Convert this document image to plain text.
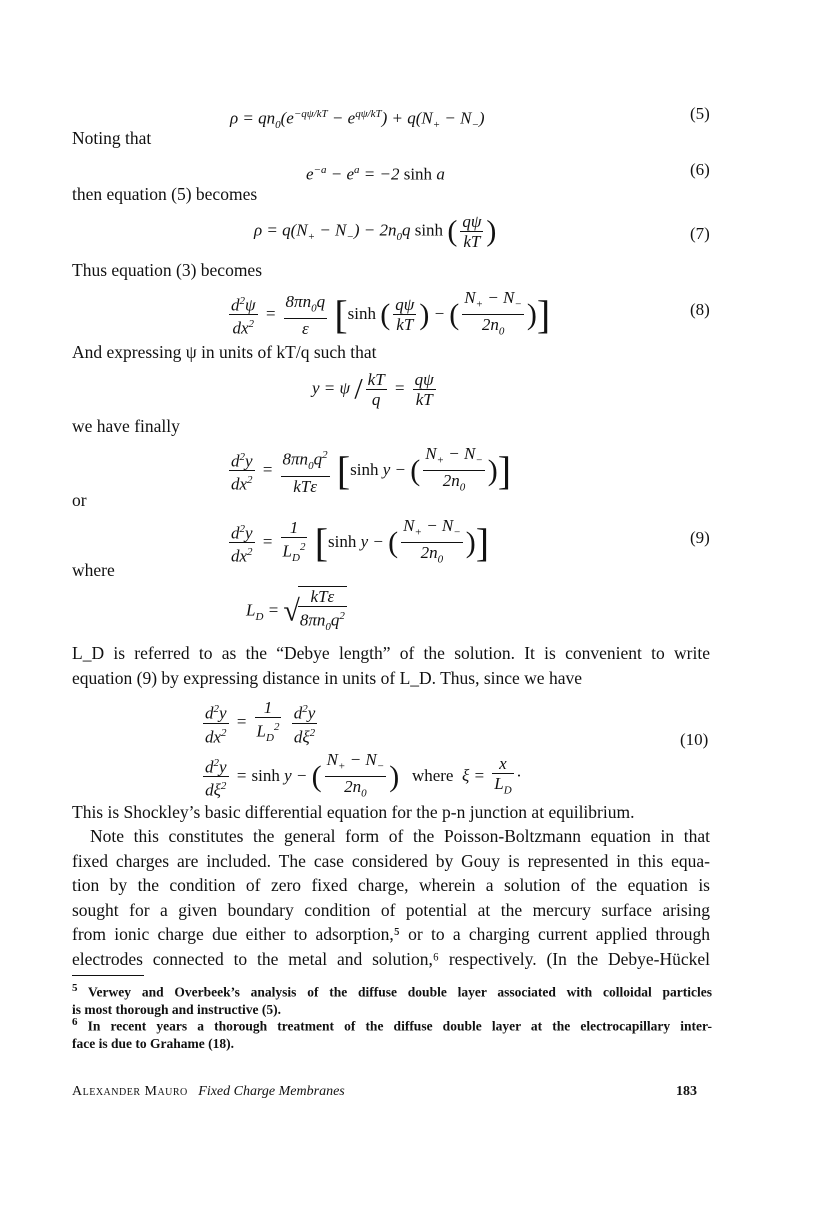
$\rho = qn_0(e^{-q\psi/kT} - e^{q\psi/kT}) + q(N_+ - N_-)$	(5)
Noting that
$e^{-a} - e^a = -2$ sinh a	(6)
then equation (5) becomes
$\rho = q(N_+ - N_-) - 2n_0q$ sinh ( $\frac{q\psi}{kT}$ )	(7)
Thus equation (3) becomes
$\frac{d^2\psi}{dx^2} = \frac{8\pi n_0q}{\varepsilon} [\sinh$ ( $\frac{q\psi}{kT}$ ) − ( $\frac{N_+ - N_-}{2n_0}$ )]	(8)
And expressing ψ in units of kT/q such that
$y = \psi / \frac{kT}{q} = \frac{q\psi}{kT}$
we have finally
$\frac{d^2y}{dx^2} = \frac{8\pi n_0q^2}{\text{kTε}} [\sinh$ y − ( $\frac{N_+ - N_-}{2n_0}$ )]
or
$\frac{d^2y}{dx^2} = \frac{1}{L_D^2} [\sinh$ y − ( $\frac{N_+ - N_-}{2n_0}$ )]	(9)
where
$L_D$ = √
$\frac{\text{kTε}}{8\pi n_0q^2}$
L_D is referred to as the “Debye length” of the solution. It is convenient to write
equation (9) by expressing distance in units of L_D. Thus, since we have
$\frac{d^2y}{dx^2} = \frac{1}{L_D^2}$
$\frac{d^2y}{d\xi^2}$
$\frac{d^2y}{d\xi^2} = \sinh y$ − ( $\frac{N_+ - N_-}{2n_0}$ ) where  $\xi = \frac{x}{L_D}$ ·
(10)
This is Shockley’s basic differential equation for the p-n junction at equilibrium.
Note this constitutes the general form of the Poisson-Boltzmann equation in that
fixed charges are included. The case considered by Gouy is represented in this equa-
tion by the condition of zero fixed charge, wherein a solution of the equation is
sought for a given boundary condition of potential at the mercury surface arising
from ionic charge due either to adsorption,⁵ or to a charging current applied through
electrodes connected to the metal and solution,⁶ respectively. (In the Debye-Hückel
$^5$ Verwey and Overbeek’s analysis of the diffuse double layer associated with colloidal particles
is most thorough and instructive (5).
$^6$ In recent years a thorough treatment of the diffuse double layer at the electrocapillary inter-
face is due to Grahame (18).
Alexander Mauro Fixed Charge Membranes	183
